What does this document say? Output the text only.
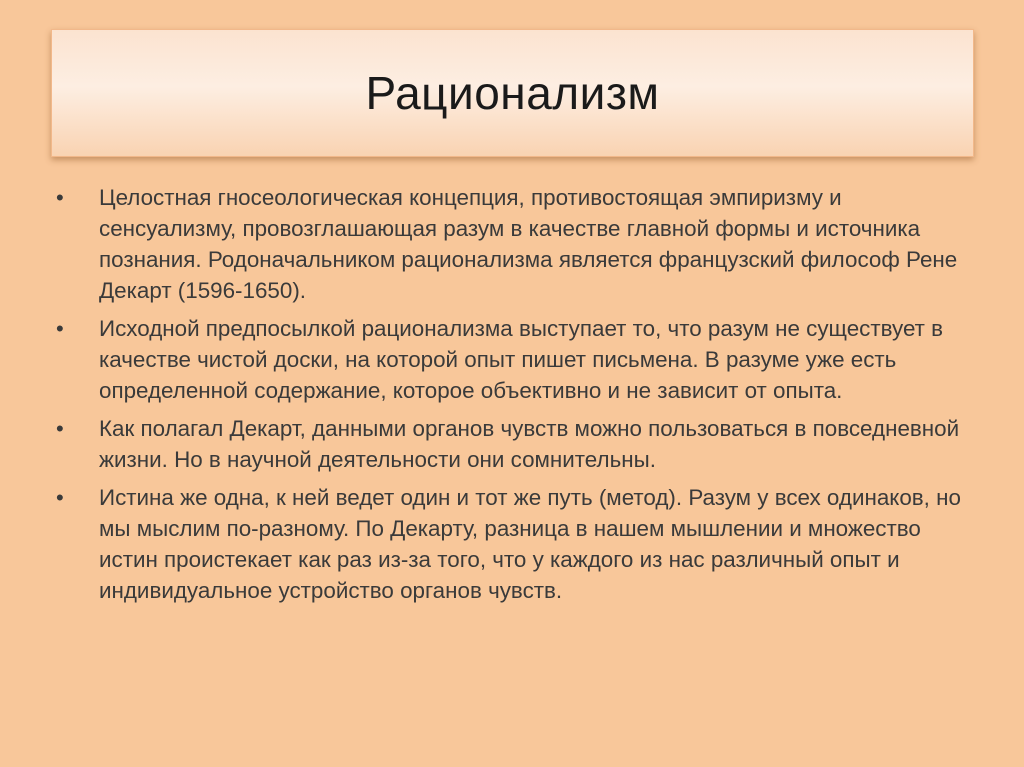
Рационализм
• Целостная гносеологическая концепция, противостоящая эмпиризму и сенсуализму, провозглашающая разум в качестве главной формы и источника познания. Родоначальником рационализма является французский философ Рене Декарт (1596-1650).
• Исходной предпосылкой рационализма выступает то, что разум не существует в качестве чистой доски, на которой опыт пишет письмена. В разуме уже есть определенной содержание, которое объективно и не зависит от опыта.
• Как полагал Декарт, данными органов чувств можно пользоваться в повседневной жизни. Но в научной деятельности они сомнительны.
• Истина же одна, к ней ведет один и тот же путь (метод). Разум у всех одинаков, но мы мыслим по-разному. По Декарту, разница в нашем мышлении и множество истин проистекает как раз из-за того, что у каждого из нас различный опыт и индивидуальное устройство органов чувств.
